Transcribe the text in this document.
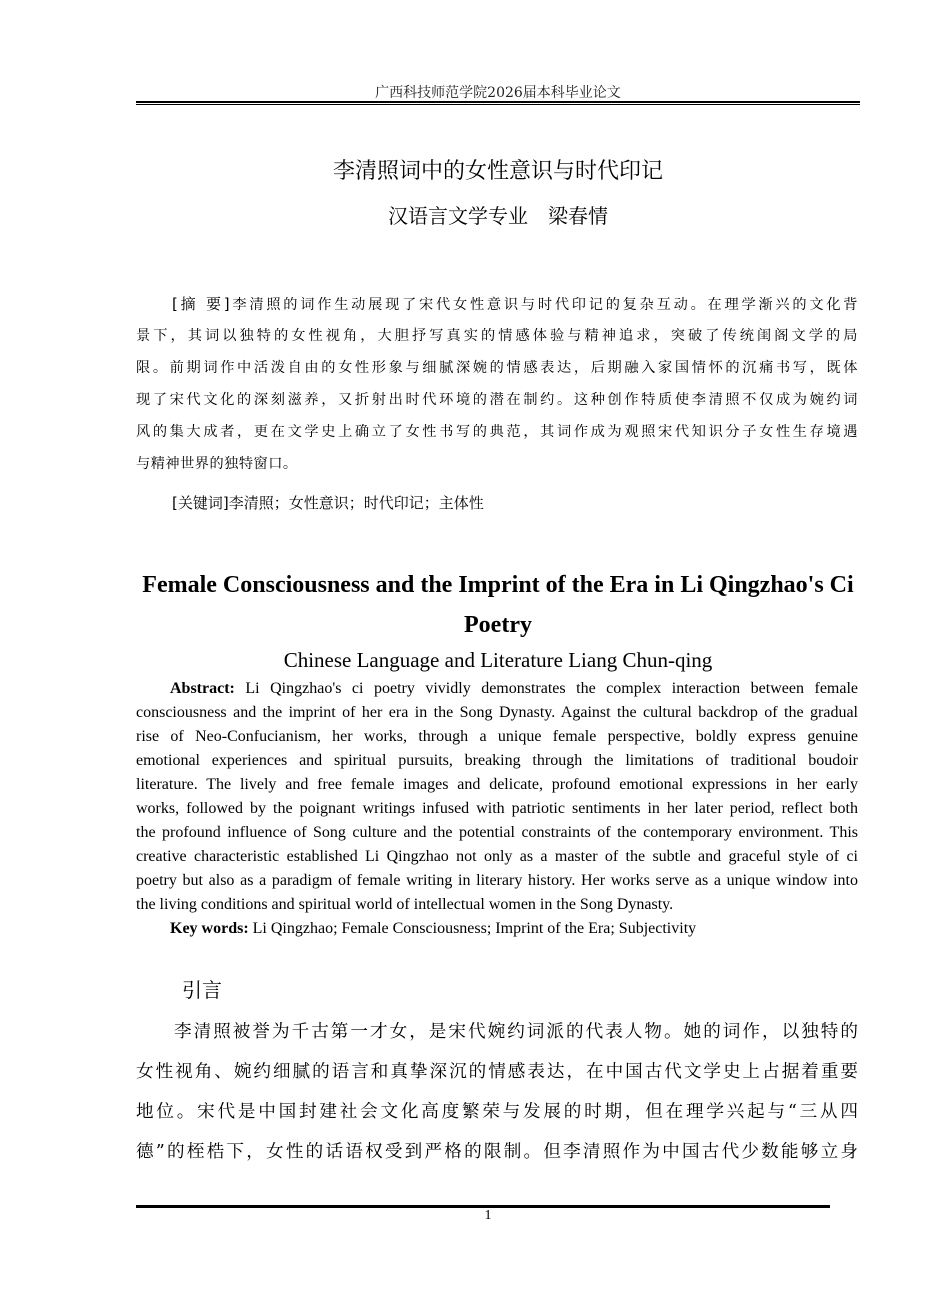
广西科技师范学院2026届本科毕业论文
李清照词中的女性意识与时代印记
汉语言文学专业　梁春情
[摘 要]李清照的词作生动展现了宋代女性意识与时代印记的复杂互动。在理学渐兴的文化背
景下，其词以独特的女性视角，大胆抒写真实的情感体验与精神追求，突破了传统闺阁文学的局
限。前期词作中活泼自由的女性形象与细腻深婉的情感表达，后期融入家国情怀的沉痛书写，既体
现了宋代文化的深刻滋养，又折射出时代环境的潜在制约。这种创作特质使李清照不仅成为婉约词
风的集大成者，更在文学史上确立了女性书写的典范，其词作成为观照宋代知识分子女性生存境遇
与精神世界的独特窗口。
[关键词]李清照；女性意识；时代印记；主体性
Female Consciousness and the Imprint of the Era in Li Qingzhao's Ci Poetry
Chinese Language and Literature Liang Chun-qing
Abstract: Li Qingzhao's ci poetry vividly demonstrates the complex interaction between female
consciousness and the imprint of her era in the Song Dynasty. Against the cultural backdrop of the gradual
rise of Neo-Confucianism, her works, through a unique female perspective, boldly express genuine
emotional experiences and spiritual pursuits, breaking through the limitations of traditional boudoir
literature. The lively and free female images and delicate, profound emotional expressions in her early
works, followed by the poignant writings infused with patriotic sentiments in her later period, reflect both
the profound influence of Song culture and the potential constraints of the contemporary environment. This
creative characteristic established Li Qingzhao not only as a master of the subtle and graceful style of ci
poetry but also as a paradigm of female writing in literary history. Her works serve as a unique window into
the living conditions and spiritual world of intellectual women in the Song Dynasty.
Key words: Li Qingzhao; Female Consciousness; Imprint of the Era; Subjectivity
引言
李清照被誉为千古第一才女，是宋代婉约词派的代表人物。她的词作，以独特的
女性视角、婉约细腻的语言和真挚深沉的情感表达，在中国古代文学史上占据着重要
地位。宋代是中国封建社会文化高度繁荣与发展的时期，但在理学兴起与“三从四
德”的桎梏下，女性的话语权受到严格的限制。但李清照作为中国古代少数能够立身
1
